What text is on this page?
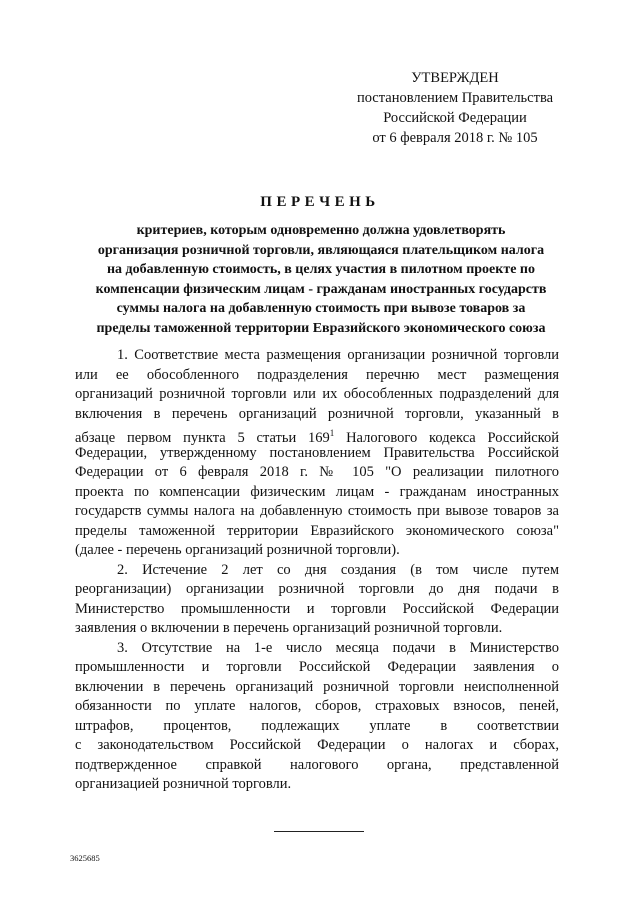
УТВЕРЖДЕН
постановлением Правительства
Российской Федерации
от 6 февраля 2018 г. № 105
ПЕРЕЧЕНЬ
критериев, которым одновременно должна удовлетворять
организация розничной торговли, являющаяся плательщиком налога
на добавленную стоимость, в целях участия в пилотном проекте по
компенсации физическим лицам - гражданам иностранных государств
суммы налога на добавленную стоимость при вывозе товаров за
пределы таможенной территории Евразийского экономического союза
1. Соответствие места размещения организации розничной торговли
или ее обособленного подразделения перечню мест размещения
организаций розничной торговли или их обособленных подразделений для
включения в перечень организаций розничной торговли, указанный в
абзаце первом пункта 5 статьи $169^1$ Налогового кодекса Российской
Федерации, утвержденному постановлением Правительства Российской
Федерации от 6 февраля 2018 г. № 105 "О реализации пилотного
проекта по компенсации физическим лицам - гражданам иностранных
государств суммы налога на добавленную стоимость при вывозе товаров за
пределы таможенной территории Евразийского экономического союза"
(далее - перечень организаций розничной торговли).
2. Истечение 2 лет со дня создания (в том числе путем
реорганизации) организации розничной торговли до дня подачи в
Министерство промышленности и торговли Российской Федерации
заявления о включении в перечень организаций розничной торговли.
3. Отсутствие на 1-е число месяца подачи в Министерство
промышленности и торговли Российской Федерации заявления о
включении в перечень организаций розничной торговли неисполненной
обязанности по уплате налогов, сборов, страховых взносов, пеней,
штрафов, процентов, подлежащих уплате в соответствии
с законодательством Российской Федерации о налогах и сборах,
подтвержденное справкой налогового органа, представленной
организацией розничной торговли.
3625685
